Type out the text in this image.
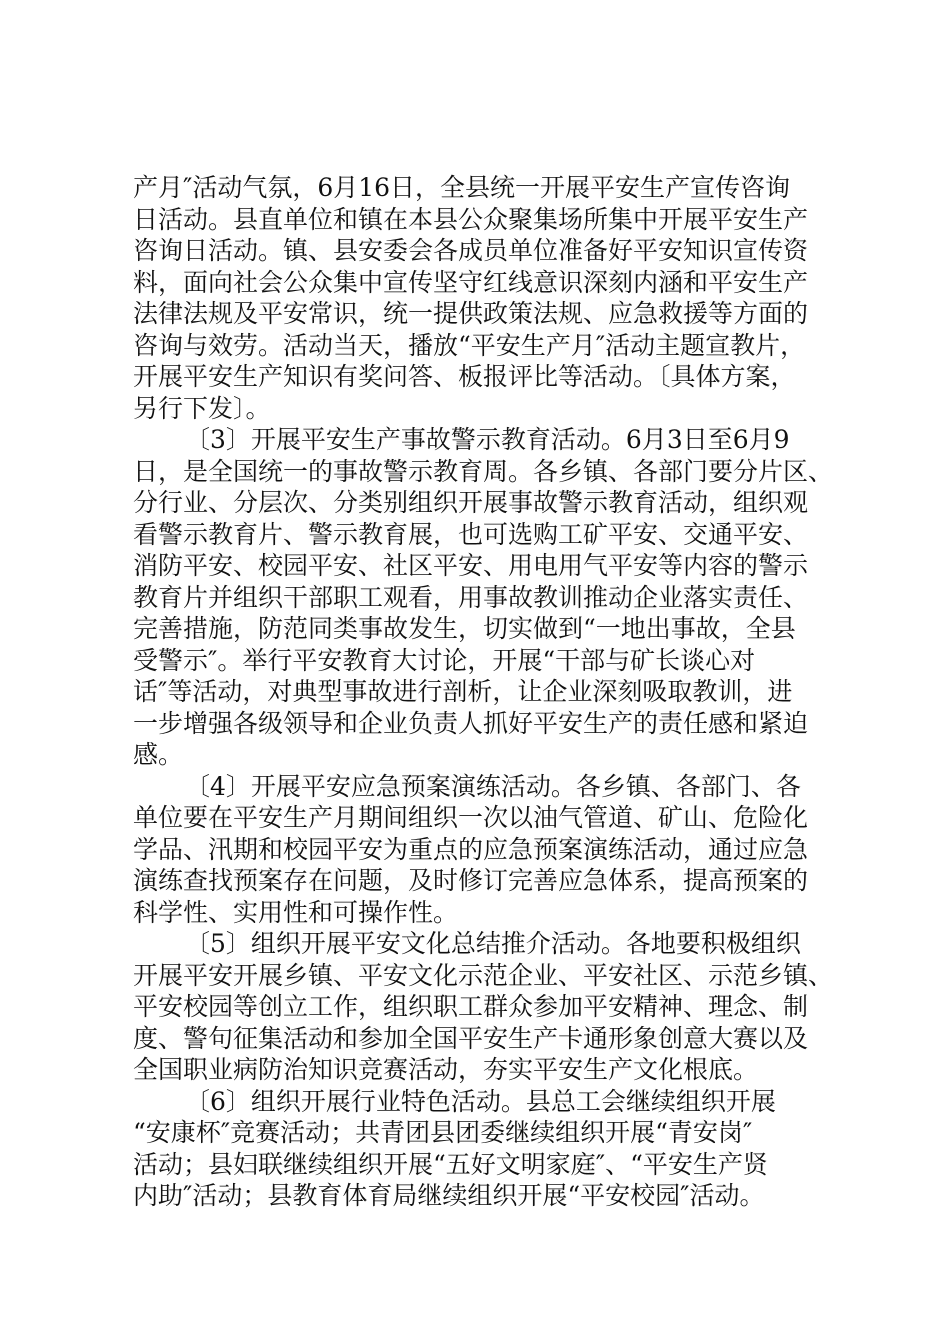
产月″活动气氛，6月16日，全县统一开展平安生产宣传咨询
日活动。县直单位和镇在本县公众聚集场所集中开展平安生产
咨询日活动。镇、县安委会各成员单位准备好平安知识宣传资
料，面向社会公众集中宣传坚守红线意识深刻内涵和平安生产
法律法规及平安常识，统一提供政策法规、应急救援等方面的
咨询与效劳。活动当天，播放“平安生产月″活动主题宣教片，
开展平安生产知识有奖问答、板报评比等活动。〔具体方案，
另行下发〕。
〔3〕开展平安生产事故警示教育活动。6月3日至6月9
日，是全国统一的事故警示教育周。各乡镇、各部门要分片区、
分行业、分层次、分类别组织开展事故警示教育活动，组织观
看警示教育片、警示教育展，也可选购工矿平安、交通平安、
消防平安、校园平安、社区平安、用电用气平安等内容的警示
教育片并组织干部职工观看，用事故教训推动企业落实责任、
完善措施，防范同类事故发生，切实做到“一地出事故，全县
受警示″。举行平安教育大讨论，开展“干部与矿长谈心对
话″等活动，对典型事故进行剖析，让企业深刻吸取教训，进
一步增强各级领导和企业负责人抓好平安生产的责任感和紧迫
感。
〔4〕开展平安应急预案演练活动。各乡镇、各部门、各
单位要在平安生产月期间组织一次以油气管道、矿山、危险化
学品、汛期和校园平安为重点的应急预案演练活动，通过应急
演练查找预案存在问题，及时修订完善应急体系，提高预案的
科学性、实用性和可操作性。
〔5〕组织开展平安文化总结推介活动。各地要积极组织
开展平安开展乡镇、平安文化示范企业、平安社区、示范乡镇、
平安校园等创立工作，组织职工群众参加平安精神、理念、制
度、警句征集活动和参加全国平安生产卡通形象创意大赛以及
全国职业病防治知识竞赛活动，夯实平安生产文化根底。
〔6〕组织开展行业特色活动。县总工会继续组织开展
“安康杯″竞赛活动；共青团县团委继续组织开展“青安岗″
活动；县妇联继续组织开展“五好文明家庭″、“平安生产贤
内助″活动；县教育体育局继续组织开展“平安校园″活动。
